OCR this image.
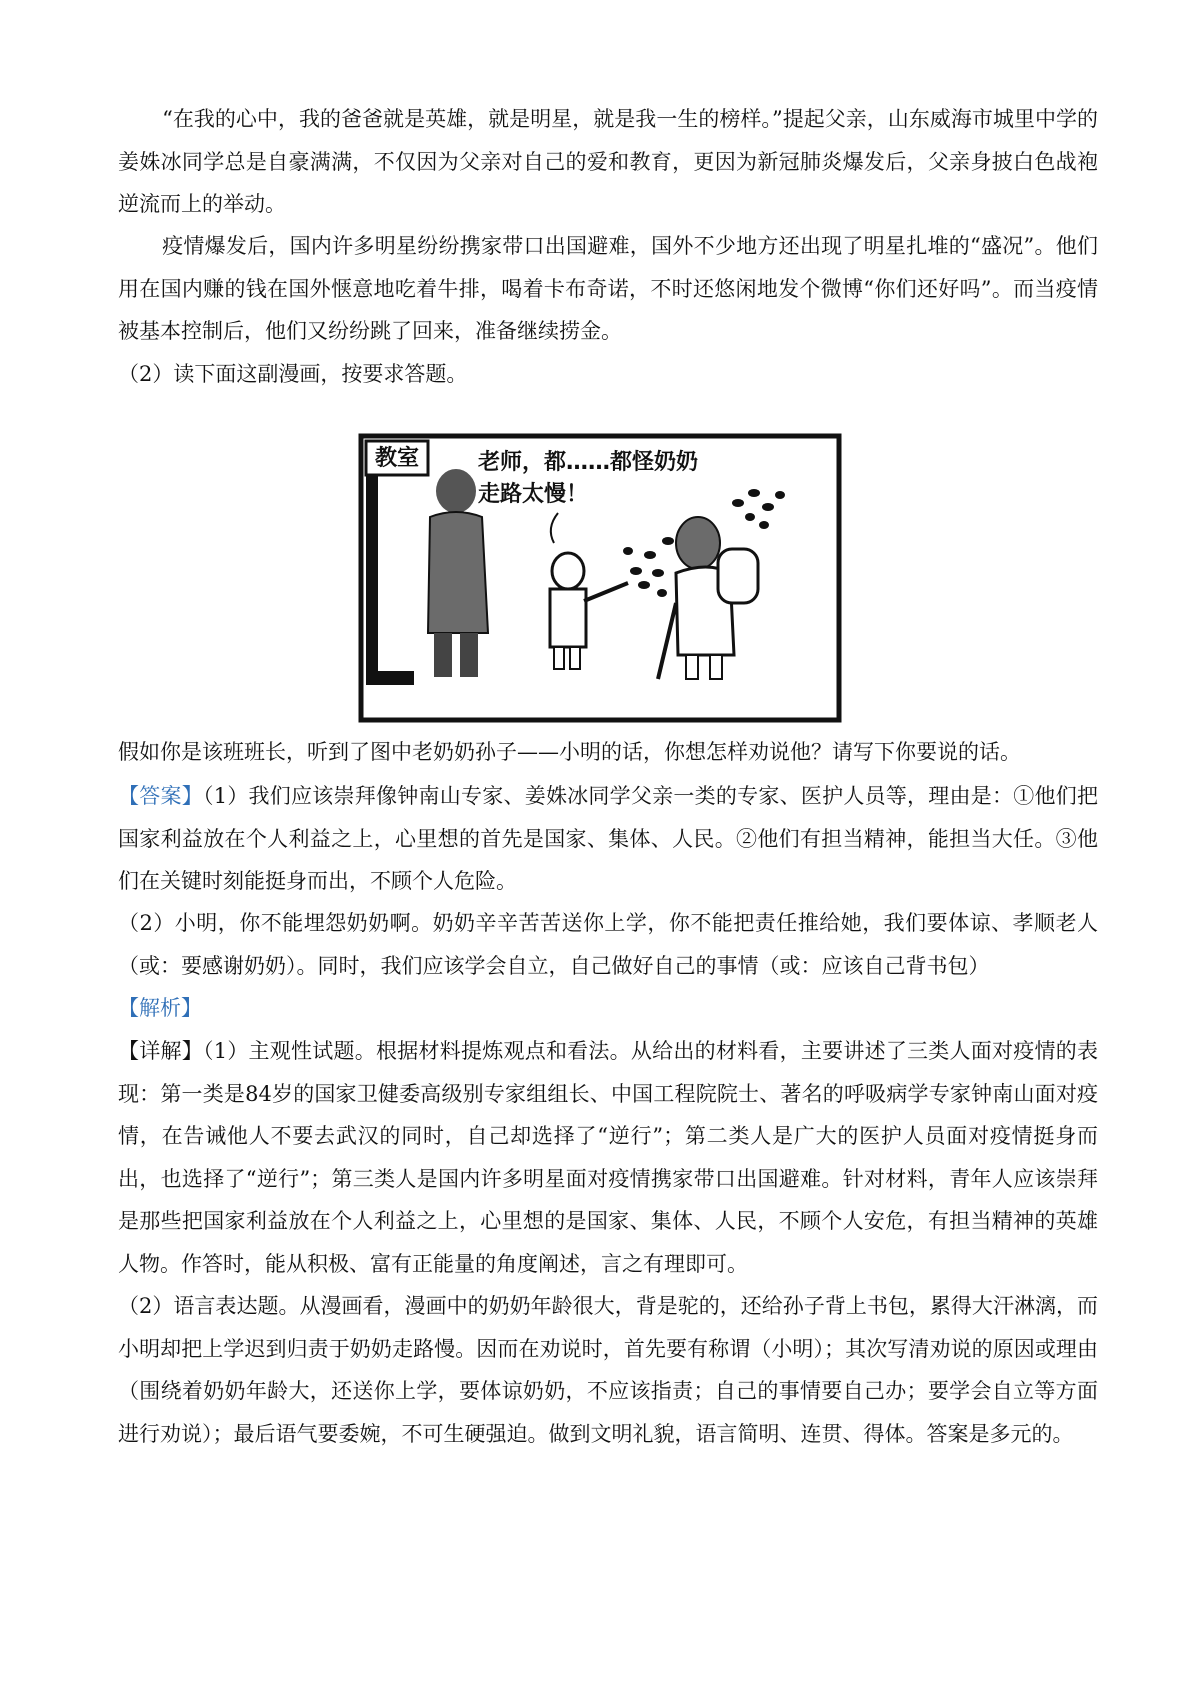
“在我的心中，我的爸爸就是英雄，就是明星，就是我一生的榜样。”提起父亲，山东威海市城里中学的姜姝冰同学总是自豪满满，不仅因为父亲对自己的爱和教育，更因为新冠肺炎爆发后，父亲身披白色战袍逆流而上的举动。

疫情爆发后，国内许多明星纷纷携家带口出国避难，国外不少地方还出现了明星扎堆的“盛况”。他们用在国内赚的钱在国外惬意地吃着牛排，喝着卡布奇诺，不时还悠闲地发个微博“你们还好吗”。而当疫情被基本控制后，他们又纷纷跳了回来，准备继续捞金。

（2）读下面这副漫画，按要求答题。

教室	老师，都……都怪奶奶
走路太慢！

假如你是该班班长，听到了图中老奶奶孙子——小明的话，你想怎样劝说他？请写下你要说的话。

【答案】（1）我们应该崇拜像钟南山专家、姜姝冰同学父亲一类的专家、医护人员等，理由是：①他们把国家利益放在个人利益之上，心里想的首先是国家、集体、人民。②他们有担当精神，能担当大任。③他们在关键时刻能挺身而出，不顾个人危险。

（2）小明，你不能埋怨奶奶啊。奶奶辛辛苦苦送你上学，你不能把责任推给她，我们要体谅、孝顺老人（或：要感谢奶奶）。同时，我们应该学会自立，自己做好自己的事情（或：应该自己背书包）

【解析】

【详解】（1）主观性试题。根据材料提炼观点和看法。从给出的材料看，主要讲述了三类人面对疫情的表现：第一类是84岁的国家卫健委高级别专家组组长、中国工程院院士、著名的呼吸病学专家钟南山面对疫情，在告诫他人不要去武汉的同时，自己却选择了“逆行”；第二类人是广大的医护人员面对疫情挺身而出，也选择了“逆行”；第三类人是国内许多明星面对疫情携家带口出国避难。针对材料，青年人应该崇拜是那些把国家利益放在个人利益之上，心里想的是国家、集体、人民，不顾个人安危，有担当精神的英雄人物。作答时，能从积极、富有正能量的角度阐述，言之有理即可。

（2）语言表达题。从漫画看，漫画中的奶奶年龄很大，背是驼的，还给孙子背上书包，累得大汗淋漓，而小明却把上学迟到归责于奶奶走路慢。因而在劝说时，首先要有称谓（小明）；其次写清劝说的原因或理由（围绕着奶奶年龄大，还送你上学，要体谅奶奶，不应该指责；自己的事情要自己办；要学会自立等方面进行劝说）；最后语气要委婉，不可生硬强迫。做到文明礼貌，语言简明、连贯、得体。答案是多元的。
